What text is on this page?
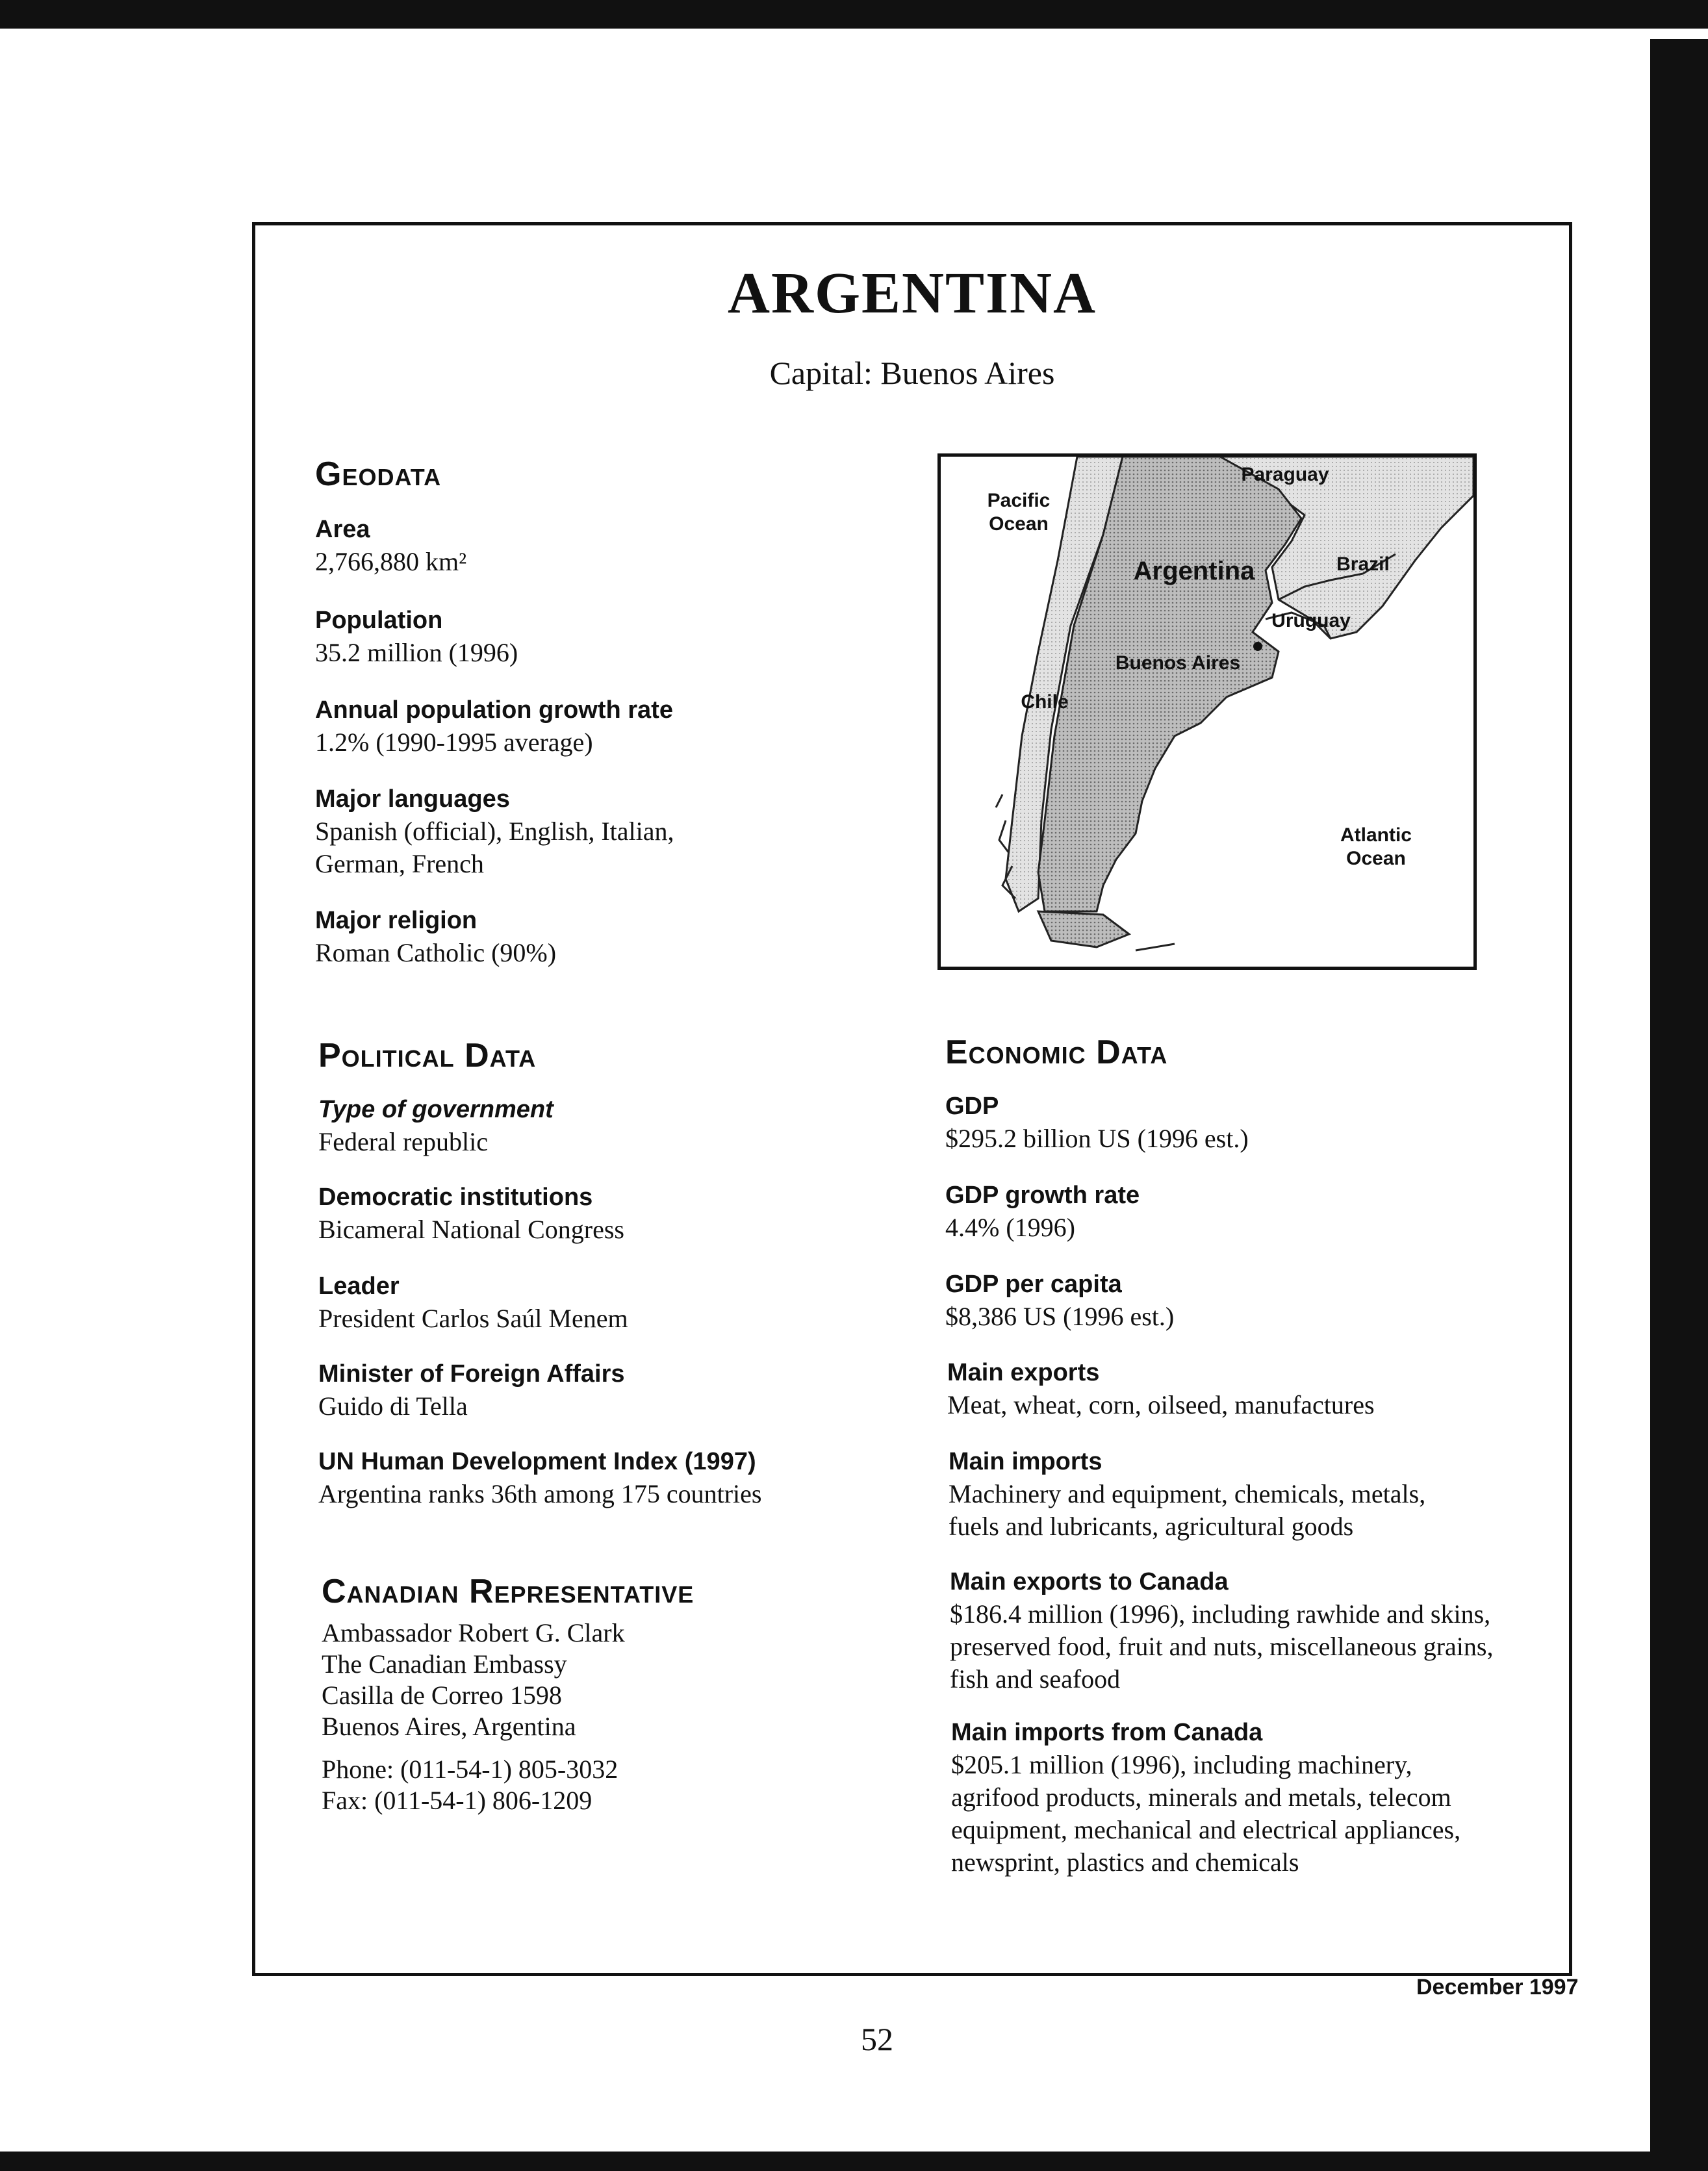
ARGENTINA
Capital: Buenos Aires
Geodata
Area
2,766,880 km²
Population
35.2 million (1996)
Annual population growth rate
1.2% (1990-1995 average)
Major languages
Spanish (official), English, Italian,
German, French
Major religion
Roman Catholic (90%)
Pacific
Ocean
Paraguay
Argentina	Brazil
Uruguay
Buenos Aires
Chile
Atlantic
Ocean
Political Data
Type of government
Federal republic
Democratic institutions
Bicameral National Congress
Leader
President Carlos Saúl Menem
Minister of Foreign Affairs
Guido di Tella
UN Human Development Index (1997)
Argentina ranks 36th among 175 countries
Canadian Representative
Ambassador Robert G. Clark
The Canadian Embassy
Casilla de Correo 1598
Buenos Aires, Argentina
Phone: (011-54-1) 805-3032
Fax: (011-54-1) 806-1209
Economic Data
GDP
$295.2 billion US (1996 est.)
GDP growth rate
4.4% (1996)
GDP per capita
$8,386 US (1996 est.)
Main exports
Meat, wheat, corn, oilseed, manufactures
Main imports
Machinery and equipment, chemicals, metals,
fuels and lubricants, agricultural goods
Main exports to Canada
$186.4 million (1996), including rawhide and skins,
preserved food, fruit and nuts, miscellaneous grains,
fish and seafood
Main imports from Canada
$205.1 million (1996), including machinery,
agrifood products, minerals and metals, telecom
equipment, mechanical and electrical appliances,
newsprint, plastics and chemicals
December 1997
52
